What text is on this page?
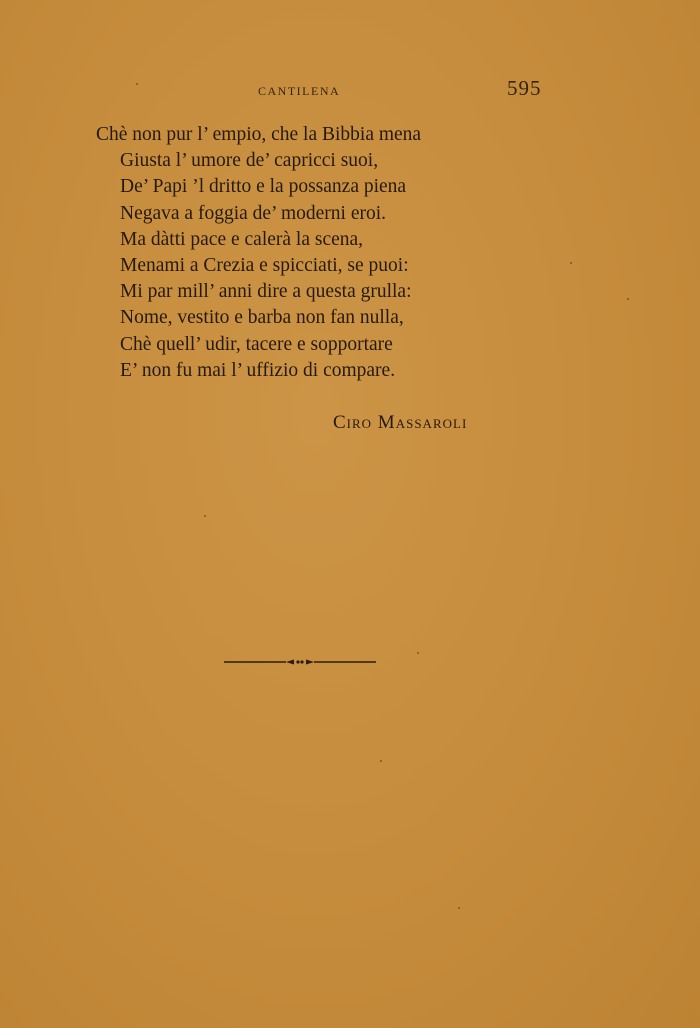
CANTILENA	595
Chè non pur l’ empio, che la Bibbia mena
Giusta l’ umore de’ capricci suoi,
De’ Papi ’l dritto e la possanza piena
Negava a foggia de’ moderni eroi.
Ma dàtti pace e calerà la scena,
Menami a Crezia e spicciati, se puoi:
Mi par mill’ anni dire a questa grulla:
Nome, vestito e barba non fan nulla,
Chè quell’ udir, tacere e sopportare
E’ non fu mai l’ uffizio di compare.
Ciro Massaroli
